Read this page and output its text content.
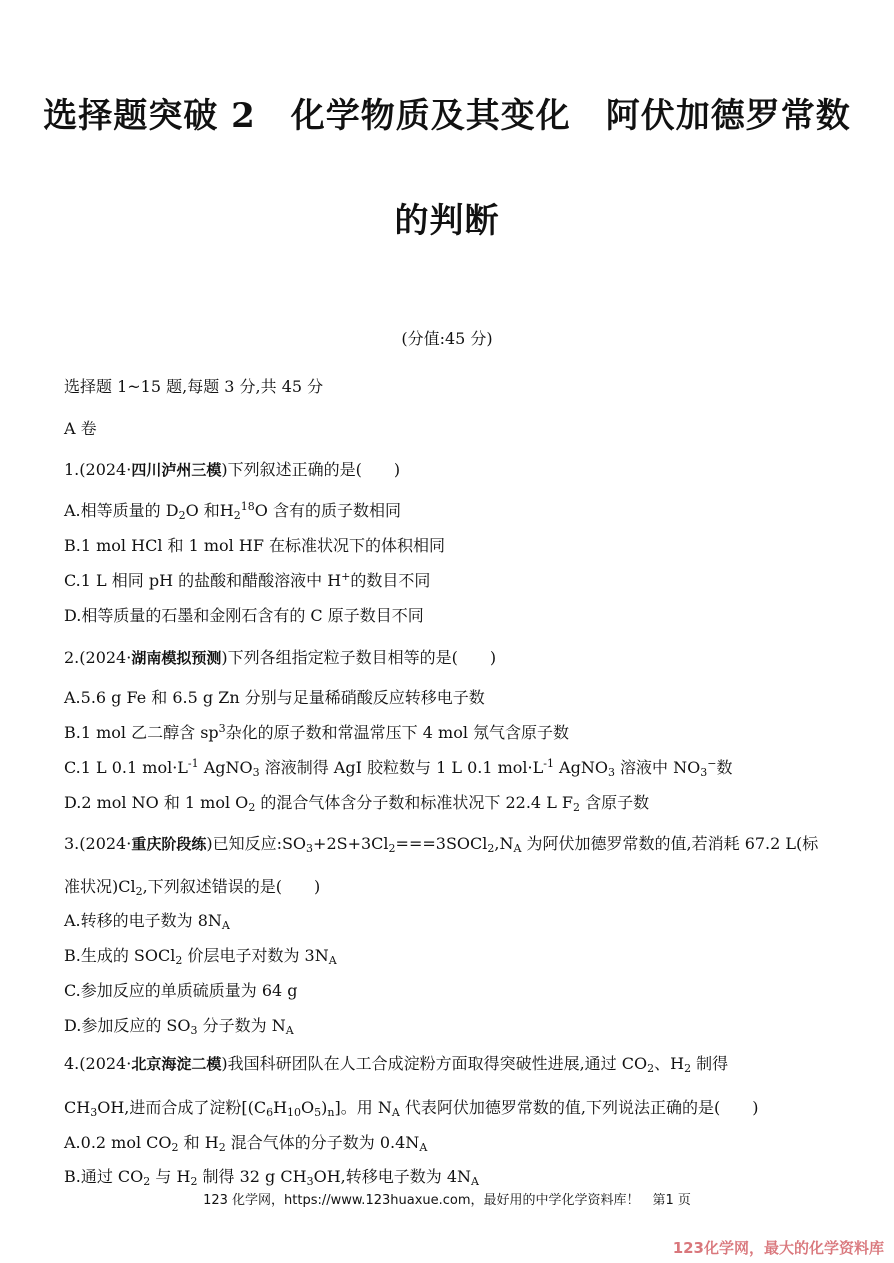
选择题突破 2　化学物质及其变化　阿伏加德罗常数
的判断
(分值:45 分)
选择题 1~15 题,每题 3 分,共 45 分
A 卷
1.(2024·四川泸州三模)下列叙述正确的是(　　)
A.相等质量的 $D_2O$ 和$H_2^{18}O$ 含有的质子数相同
B.1 mol HCl 和 1 mol HF 在标准状况下的体积相同
C.1 L 相同 pH 的盐酸和醋酸溶液中 H+的数目不同
D.相等质量的石墨和金刚石含有的 C 原子数目不同
2.(2024·湖南模拟预测)下列各组指定粒子数目相等的是(　　)
A.5.6 g Fe 和 6.5 g Zn 分别与足量稀硝酸反应转移电子数
B.1 mol 乙二醇含 $sp^3$杂化的原子数和常温常压下 4 mol 氖气含原子数
C.1 L 0.1 $mol\cdot L^{-1}$ AgNO$_3$ 溶液制得 AgI 胶粒数与 1 L 0.1 $mol\cdot L^{-1}$ AgNO$_3$ 溶液中 $NO_3^-$数
D.2 mol NO 和 1 mol $O_2$ 的混合气体含分子数和标准状况下 22.4 L $F_2$ 含原子数
3.(2024·重庆阶段练)已知反应$:SO_3+2S+3Cl_2===3SOCl_2,N_A$ 为阿伏加德罗常数的值,若消耗 67.2 L(标
准状况)$Cl_2$,下列叙述错误的是(　　)
A.转移的电子数为 $8N_A$
B.生成的 SOCl$_2$ 价层电子对数为 $3N_A$
C.参加反应的单质硫质量为 64 g
D.参加反应的 $SO_3$ 分子数为 $N_A$
4.(2024·北京海淀二模)我国科研团队在人工合成淀粉方面取得突破性进展,通过 $CO_2$、$H_2$ 制得
$CH_3OH$,进而合成了淀粉$[(C_6H_{10}O_5)_n]$。用 $N_A$ 代表阿伏加德罗常数的值,下列说法正确的是(　　)
A.0.2 mol $CO_2$ 和 $H_2$ 混合气体的分子数为 $0.4N_A$
B.通过 $CO_2$ 与 $H_2$ 制得 32 g $CH_3OH$,转移电子数为 $4N_A$
123 化学网，https://www.123huaxue.com，最好用的中学化学资料库！　第1 页
123化学网，最大的化学资料库
